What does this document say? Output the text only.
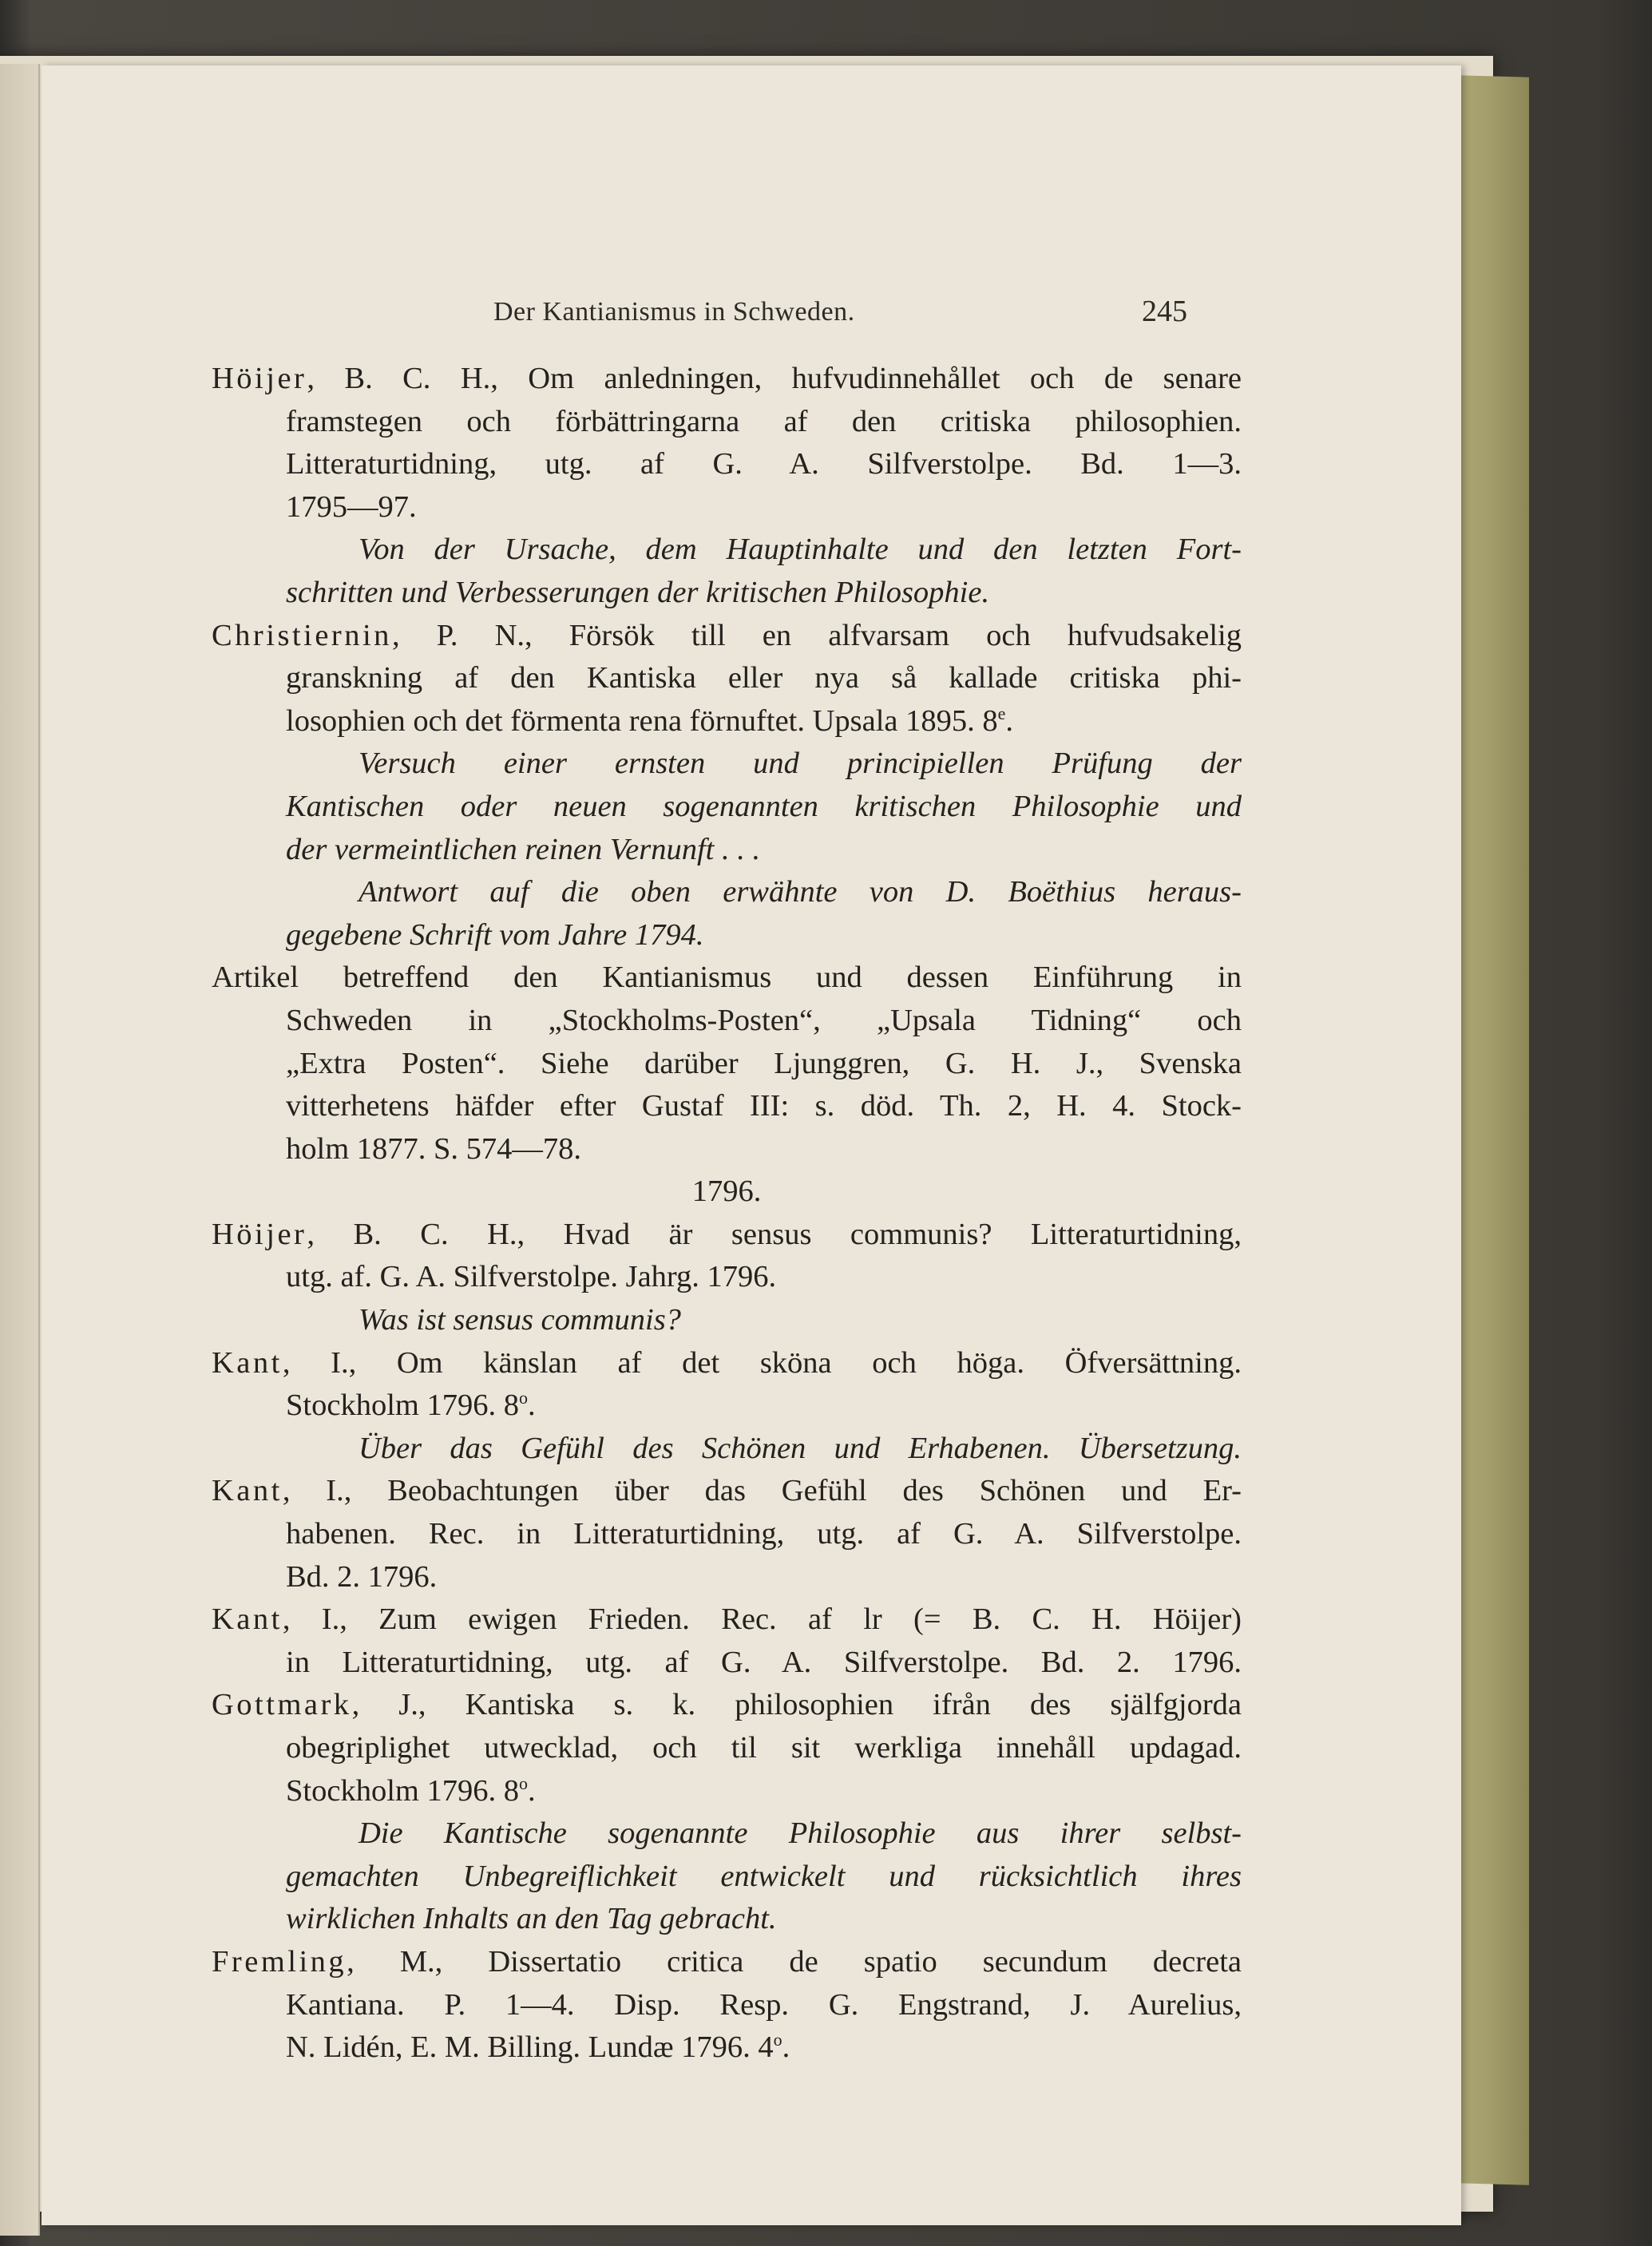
Der Kantianismus in Schweden.	245
Höijer, B. C. H., Om anledningen, hufvudinnehållet och de senare
framstegen och förbättringarna af den critiska philosophien.
Litteraturtidning, utg. af G. A. Silfverstolpe. Bd. 1—3.
1795—97.
Von der Ursache, dem Hauptinhalte und den letzten Fort-
schritten und Verbesserungen der kritischen Philosophie.
Christiernin, P. N., Försök till en alfvarsam och hufvudsakelig
granskning af den Kantiska eller nya så kallade critiska phi-
losophien och det förmenta rena förnuftet. Upsala 1895. 8e.
Versuch einer ernsten und principiellen Prüfung der
Kantischen oder neuen sogenannten kritischen Philosophie und
der vermeintlichen reinen Vernunft . . .
Antwort auf die oben erwähnte von D. Boëthius heraus-
gegebene Schrift vom Jahre 1794.
Artikel betreffend den Kantianismus und dessen Einführung in
Schweden in „Stockholms-Posten“, „Upsala Tidning“ och
„Extra Posten“. Siehe darüber Ljunggren, G. H. J., Svenska
vitterhetens häfder efter Gustaf III: s. död. Th. 2, H. 4. Stock-
holm 1877. S. 574—78.
1796.
Höijer, B. C. H., Hvad är sensus communis? Litteraturtidning,
utg. af. G. A. Silfverstolpe. Jahrg. 1796.
Was ist sensus communis?
Kant, I., Om känslan af det sköna och höga. Öfversättning.
Stockholm 1796. 8$^o$.
Über das Gefühl des Schönen und Erhabenen. Übersetzung.
Kant, I., Beobachtungen über das Gefühl des Schönen und Er-
habenen. Rec. in Litteraturtidning, utg. af G. A. Silfverstolpe.
Bd. 2. 1796.
Kant, I., Zum ewigen Frieden. Rec. af lr (= B. C. H. Höijer)
in Litteraturtidning, utg. af G. A. Silfverstolpe. Bd. 2. 1796.
Gottmark, J., Kantiska s. k. philosophien ifrån des själfgjorda
obegriplighet utwecklad, och til sit werkliga innehåll updagad.
Stockholm 1796. 8$^o$.
Die Kantische sogenannte Philosophie aus ihrer selbst-
gemachten Unbegreiflichkeit entwickelt und rücksichtlich ihres
wirklichen Inhalts an den Tag gebracht.
Fremling, M., Dissertatio critica de spatio secundum decreta
Kantiana. P. 1—4. Disp. Resp. G. Engstrand, J. Aurelius,
N. Lidén, E. M. Billing. Lundæ 1796. 4$^o$.
